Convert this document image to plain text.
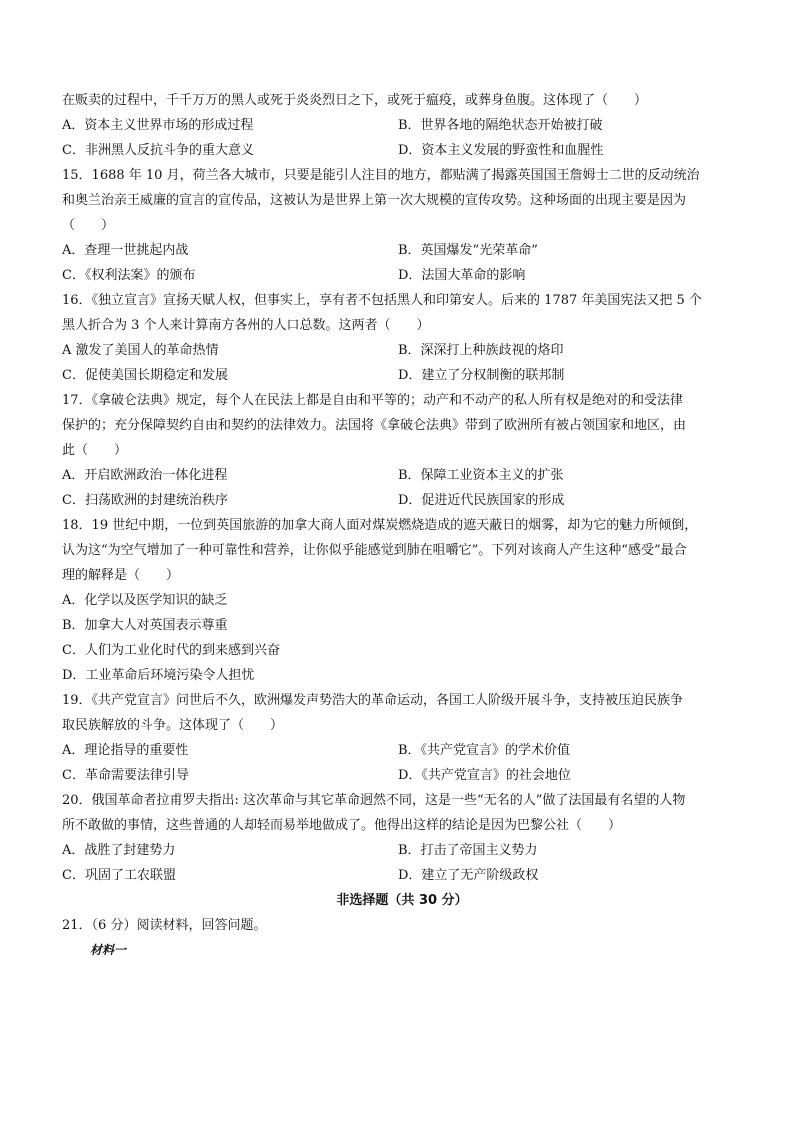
在贩卖的过程中，千千万万的黑人或死于炎炎烈日之下，或死于瘟疫，或葬身鱼腹。这体现了（　　）
A．资本主义世界市场的形成过程	B．世界各地的隔绝状态开始被打破
C．非洲黑人反抗斗争的重大意义	D．资本主义发展的野蛮性和血腥性
15．1688 年 10 月，荷兰各大城市，只要是能引人注目的地方，都贴满了揭露英国国王詹姆士二世的反动统治
和奥兰治亲王威廉的宣言的宣传品，这被认为是世界上第一次大规模的宣传攻势。这种场面的出现主要是因为
（　　）
A．查理一世挑起内战	B．英国爆发“光荣革命”
C．《权利法案》的颁布	D．法国大革命的影响
16．《独立宣言》宣扬天赋人权，但事实上，享有者不包括黑人和印第安人。后来的 1787 年美国宪法又把 5 个
黑人折合为 3 个人来计算南方各州的人口总数。这两者（　　）
A 激发了美国人的革命热情	B．深深打上种族歧视的烙印
C．促使美国长期稳定和发展	D．建立了分权制衡的联邦制
17．《拿破仑法典》规定，每个人在民法上都是自由和平等的；动产和不动产的私人所有权是绝对的和受法律
保护的；充分保障契约自由和契约的法律效力。法国将《拿破仑法典》带到了欧洲所有被占领国家和地区，由
此（　　）
A．开启欧洲政治一体化进程	B．保障工业资本主义的扩张
C．扫荡欧洲的封建统治秩序	D．促进近代民族国家的形成
18．19 世纪中期，一位到英国旅游的加拿大商人面对煤炭燃烧造成的遮天蔽日的烟雾，却为它的魅力所倾倒，
认为这“为空气增加了一种可靠性和营养，让你似乎能感觉到肺在咀嚼它”。下列对该商人产生这种“感受”最合
理的解释是（　　）
A．化学以及医学知识的缺乏
B．加拿大人对英国表示尊重
C．人们为工业化时代的到来感到兴奋
D．工业革命后环境污染令人担忧
19．《共产党宣言》问世后不久，欧洲爆发声势浩大的革命运动，各国工人阶级开展斗争，支持被压迫民族争
取民族解放的斗争。这体现了（　　）
A．理论指导的重要性	B．《共产党宣言》的学术价值
C．革命需要法律引导	D．《共产党宣言》的社会地位
20．俄国革命者拉甫罗夫指出: 这次革命与其它革命迥然不同，这是一些“无名的人”做了法国最有名望的人物
所不敢做的事情，这些普通的人却轻而易举地做成了。他得出这样的结论是因为巴黎公社（　　）
A．战胜了封建势力	B．打击了帝国主义势力
C．巩固了工农联盟	D．建立了无产阶级政权
非选择题（共 30 分）
21．（6 分）阅读材料，回答问题。
材料一
